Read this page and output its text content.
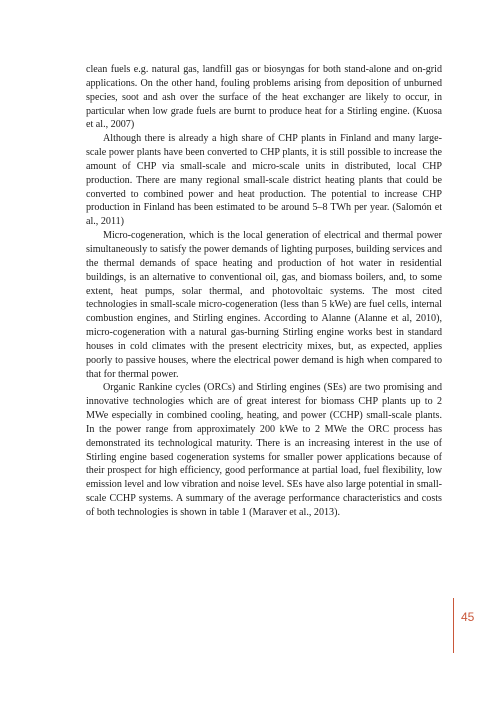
clean fuels e.g. natural gas, landfill gas or biosyngas for both stand-alone and on-grid applications. On the other hand, fouling problems arising from deposition of unburned species, soot and ash over the surface of the heat exchanger are likely to occur, in particular when low grade fuels are burnt to produce heat for a Stirling engine. (Kuosa et al., 2007)

Although there is already a high share of CHP plants in Finland and many large-scale power plants have been converted to CHP plants, it is still possible to increase the amount of CHP via small-scale and micro-scale units in distributed, local CHP production. There are many regional small-scale district heating plants that could be converted to combined power and heat production. The potential to increase CHP production in Finland has been estimated to be around 5–8 TWh per year. (Salomón et al., 2011)

Micro-cogeneration, which is the local generation of electrical and thermal power simultaneously to satisfy the power demands of lighting purposes, building services and the thermal demands of space heating and production of hot water in residential buildings, is an alternative to conventional oil, gas, and biomass boilers, and, to some extent, heat pumps, solar thermal, and photovoltaic systems. The most cited technologies in small-scale micro-cogeneration (less than 5 kWe) are fuel cells, internal combustion engines, and Stirling engines. According to Alanne (Alanne et al, 2010), micro-cogeneration with a natural gas-burning Stirling engine works best in standard houses in cold climates with the present electricity mixes, but, as expected, applies poorly to passive houses, where the electrical power demand is high when compared to that for thermal power.

Organic Rankine cycles (ORCs) and Stirling engines (SEs) are two promising and innovative technologies which are of great interest for biomass CHP plants up to 2 MWe especially in combined cooling, heating, and power (CCHP) small-scale plants. In the power range from approximately 200 kWe to 2 MWe the ORC process has demonstrated its technological maturity. There is an increasing interest in the use of Stirling engine based cogeneration systems for smaller power applications because of their prospect for high efficiency, good performance at partial load, fuel flexibility, low emission level and low vibration and noise level. SEs have also large potential in small-scale CCHP systems. A summary of the average performance characteristics and costs of both technologies is shown in table 1 (Maraver et al., 2013).

45
